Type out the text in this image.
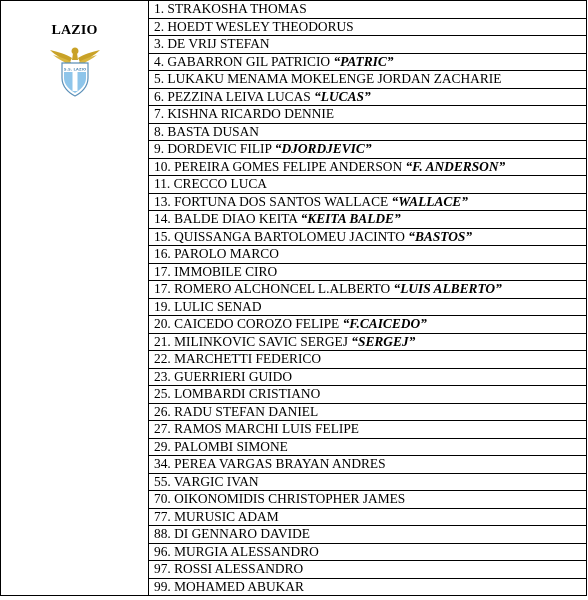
LAZIO
S.S. LAZIO
	1. STRAKOSHA THOMAS
2. HOEDT WESLEY THEODORUS
3. DE VRIJ STEFAN
4. GABARRON GIL PATRICIO “PATRIC”
5. LUKAKU MENAMA MOKELENGE JORDAN ZACHARIE
6. PEZZINA LEIVA LUCAS “LUCAS”
7. KISHNA RICARDO DENNIE
8. BASTA DUSAN
9. DORDEVIC FILIP “DJORDJEVIC”
10. PEREIRA GOMES FELIPE ANDERSON “F. ANDERSON”
11. CRECCO LUCA
13. FORTUNA DOS SANTOS WALLACE “WALLACE”
14. BALDE DIAO KEITA “KEITA BALDE”
15. QUISSANGA BARTOLOMEU JACINTO “BASTOS”
16. PAROLO MARCO
17. IMMOBILE CIRO
17. ROMERO ALCHONCEL L.ALBERTO “LUIS ALBERTO”
19. LULIC SENAD
20. CAICEDO COROZO FELIPE “F.CAICEDO”
21. MILINKOVIC SAVIC SERGEJ “SERGEJ”
22. MARCHETTI FEDERICO
23. GUERRIERI GUIDO
25. LOMBARDI CRISTIANO
26. RADU STEFAN DANIEL
27. RAMOS MARCHI LUIS FELIPE
29. PALOMBI SIMONE
34. PEREA VARGAS BRAYAN ANDRES
55. VARGIC IVAN
70. OIKONOMIDIS CHRISTOPHER JAMES
77. MURUSIC ADAM
88. DI GENNARO DAVIDE
96. MURGIA ALESSANDRO
97. ROSSI ALESSANDRO
99. MOHAMED ABUKAR
